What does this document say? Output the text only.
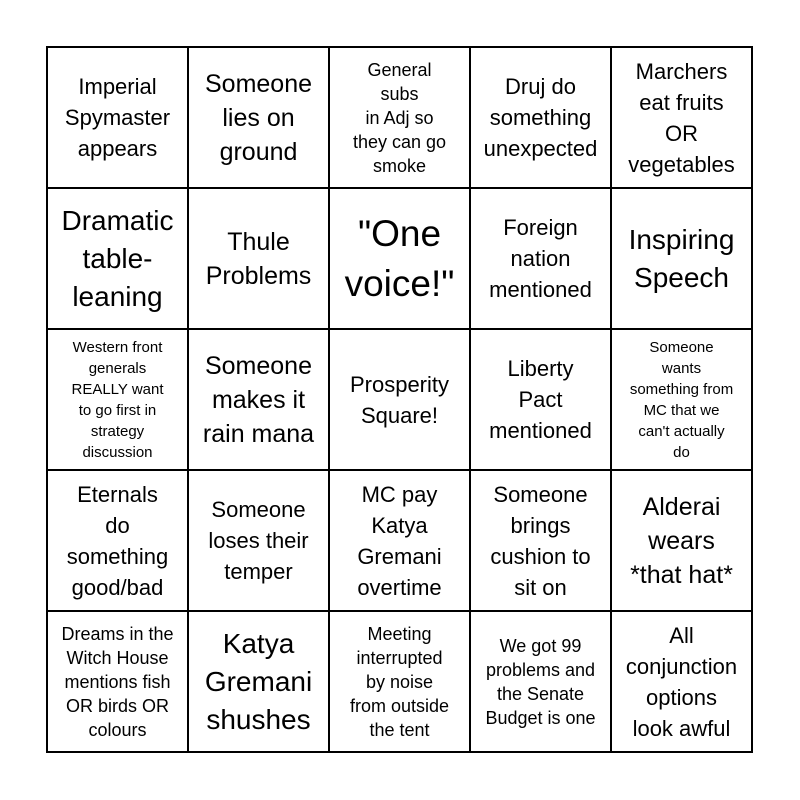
Imperial
Spymaster
appears
Someone
lies on
ground
General
subs
in Adj so
they can go
smoke
Druj do
something
unexpected
Marchers
eat fruits
OR
vegetables
Dramatic
table-
leaning
Thule
Problems
"One
voice!"
Foreign
nation
mentioned
Inspiring
Speech
Western front
generals
REALLY want
to go first in
strategy
discussion
Someone
makes it
rain mana
Prosperity
Square!
Liberty
Pact
mentioned
Someone
wants
something from
MC that we
can't actually
do
Eternals
do
something
good/bad
Someone
loses their
temper
MC pay
Katya
Gremani
overtime
Someone
brings
cushion to
sit on
Alderai
wears
*that hat*
Dreams in the
Witch House
mentions fish
OR birds OR
colours
Katya
Gremani
shushes
Meeting
interrupted
by noise
from outside
the tent
We got 99
problems and
the Senate
Budget is one
All
conjunction
options
look awful
